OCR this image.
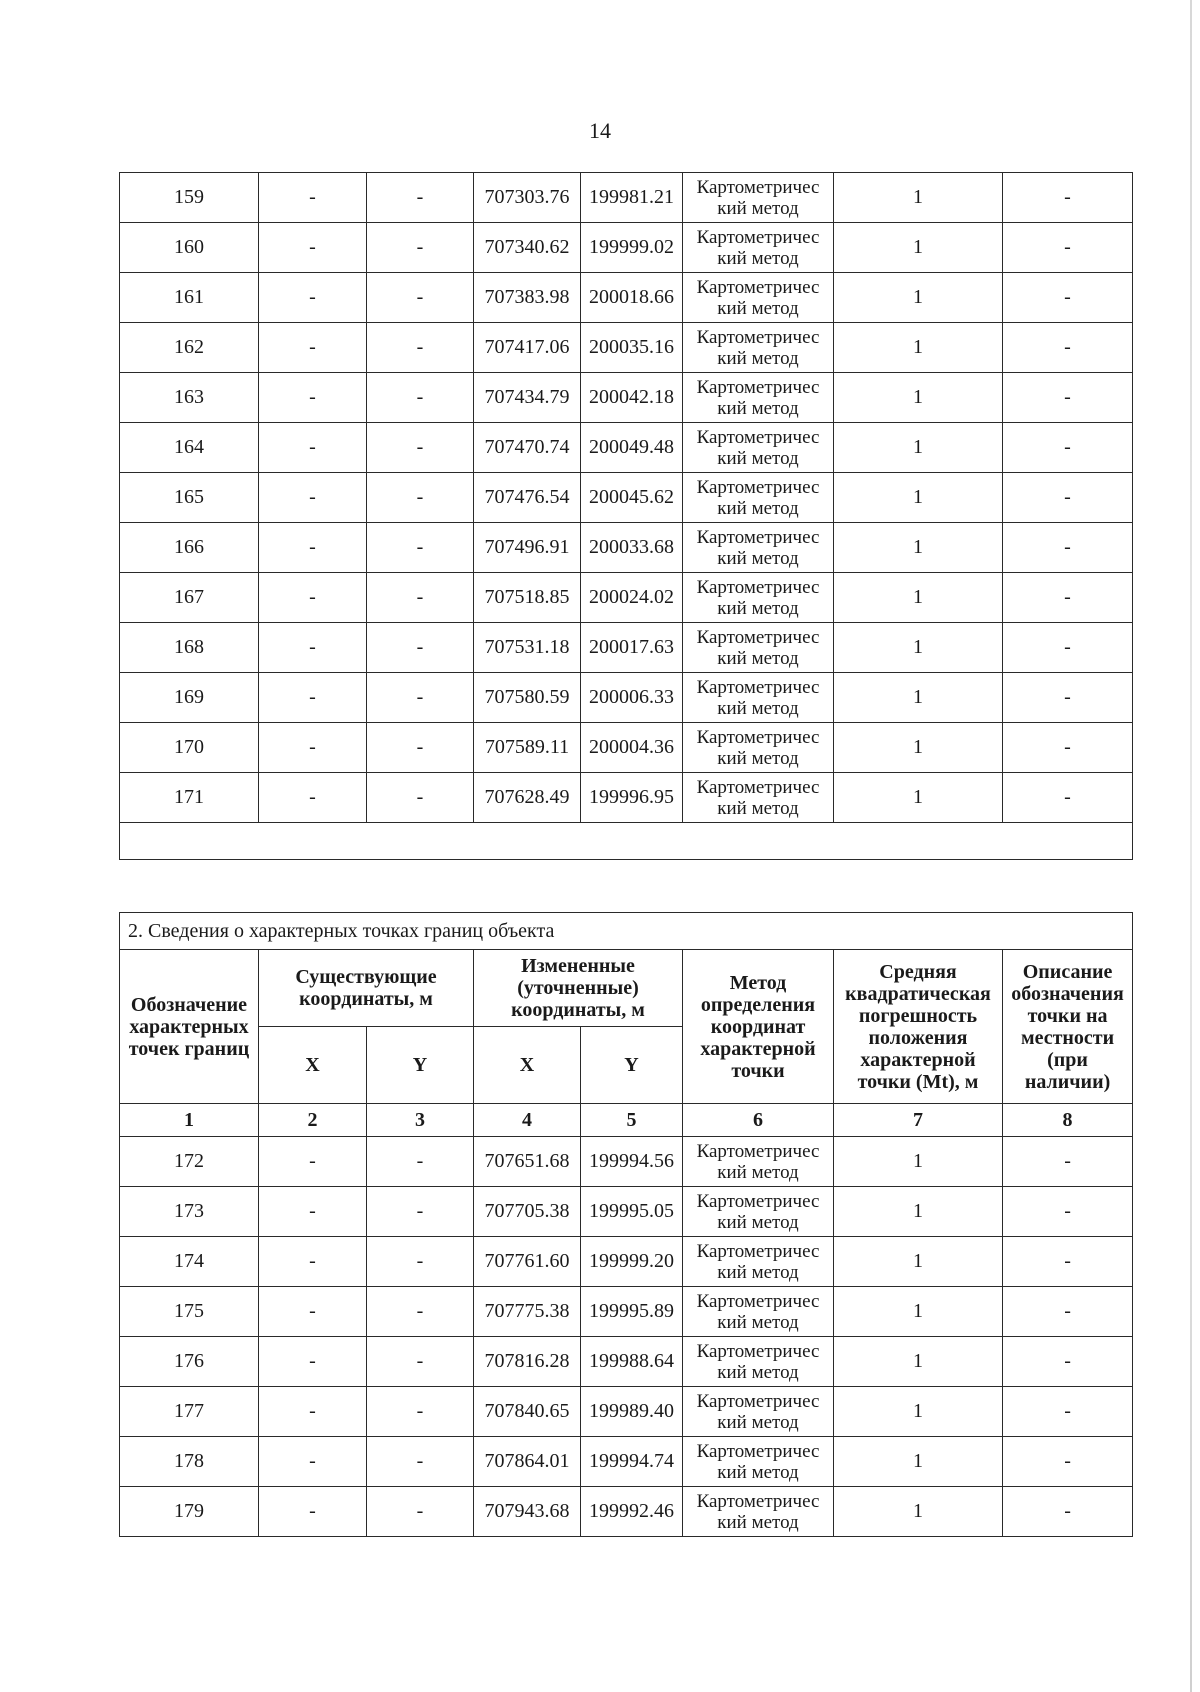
14
159	-	-	707303.76	199981.21	Картометричес кий метод	1	-
160	-	-	707340.62	199999.02	Картометричес кий метод	1	-
161	-	-	707383.98	200018.66	Картометричес кий метод	1	-
162	-	-	707417.06	200035.16	Картометричес кий метод	1	-
163	-	-	707434.79	200042.18	Картометричес кий метод	1	-
164	-	-	707470.74	200049.48	Картометричес кий метод	1	-
165	-	-	707476.54	200045.62	Картометричес кий метод	1	-
166	-	-	707496.91	200033.68	Картометричес кий метод	1	-
167	-	-	707518.85	200024.02	Картометричес кий метод	1	-
168	-	-	707531.18	200017.63	Картометричес кий метод	1	-
169	-	-	707580.59	200006.33	Картометричес кий метод	1	-
170	-	-	707589.11	200004.36	Картометричес кий метод	1	-
171	-	-	707628.49	199996.95	Картометричес кий метод	1	-

2. Сведения о характерных точках границ объекта							
Обозначение характерных точек границ	Существующие координаты, м		Измененные (уточненные) координаты, м		Метод определения координат характерной точки	Средняя квадратическая погрешность положения характерной точки (Mt), м	Описание обозначения точки на местности (при наличии)
	X	Y	X	Y			
1	2	3	4	5	6	7	8
172	-	-	707651.68	199994.56	Картометричес кий метод	1	-
173	-	-	707705.38	199995.05	Картометричес кий метод	1	-
174	-	-	707761.60	199999.20	Картометричес кий метод	1	-
175	-	-	707775.38	199995.89	Картометричес кий метод	1	-
176	-	-	707816.28	199988.64	Картометричес кий метод	1	-
177	-	-	707840.65	199989.40	Картометричес кий метод	1	-
178	-	-	707864.01	199994.74	Картометричес кий метод	1	-
179	-	-	707943.68	199992.46	Картометричес кий метод	1	-
